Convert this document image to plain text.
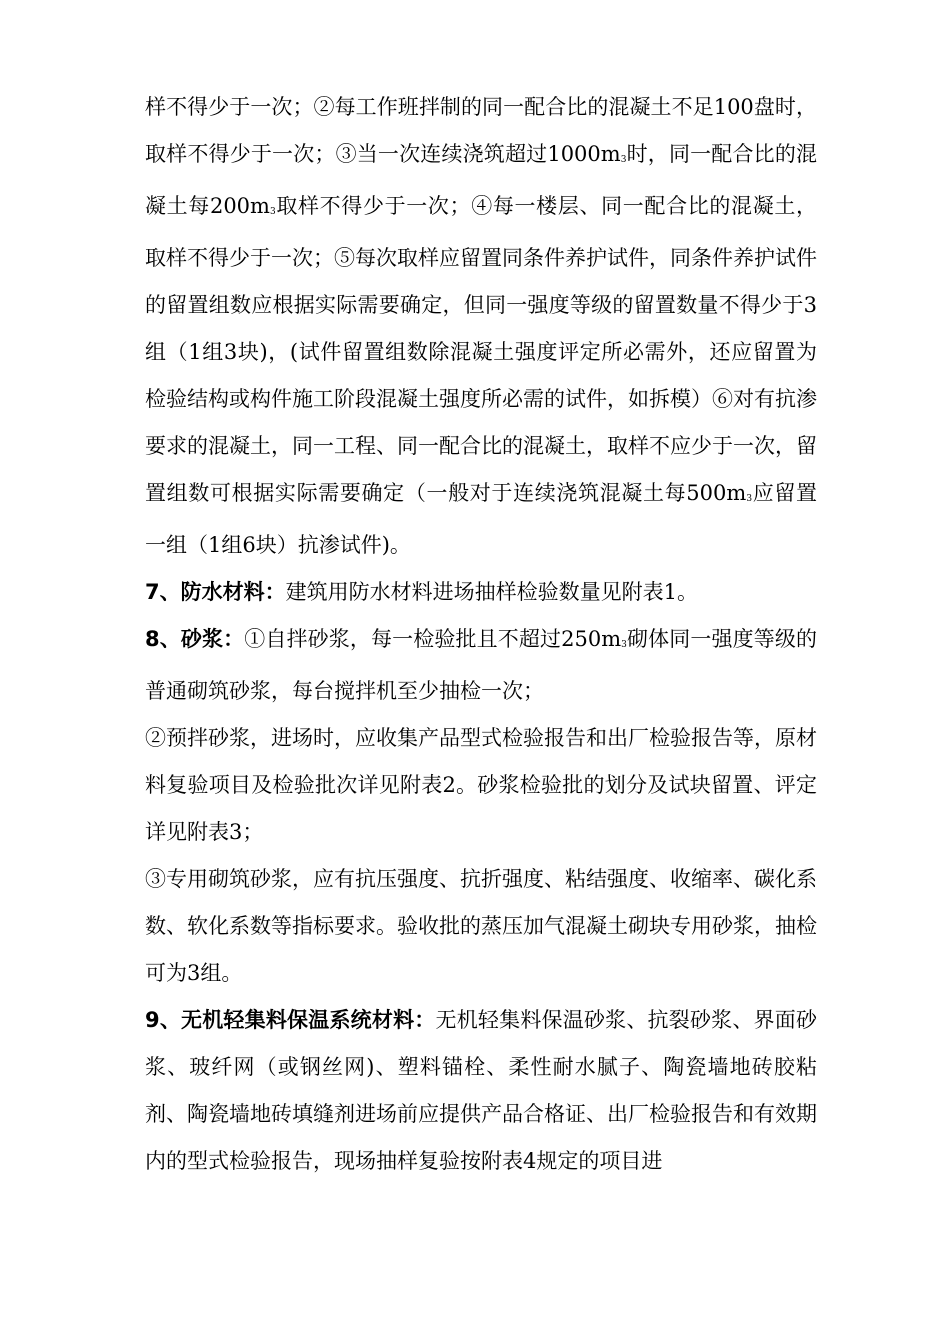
样不得少于一次；②每工作班拌制的同一配合比的混凝土不足100盘时，取样不得少于一次；③当一次连续浇筑超过$1000m_3$时，同一配合比的混凝土每$200m_3$取样不得少于一次；④每一楼层、同一配合比的混凝土，取样不得少于一次；⑤每次取样应留置同条件养护试件，同条件养护试件的留置组数应根据实际需要确定，但同一强度等级的留置数量不得少于3组（1组3块)，(试件留置组数除混凝土强度评定所必需外，还应留置为检验结构或构件施工阶段混凝土强度所必需的试件，如拆模）⑥对有抗渗要求的混凝土，同一工程、同一配合比的混凝土，取样不应少于一次，留置组数可根据实际需要确定（一般对于连续浇筑混凝土每$500m_3$应留置一组（1组6块）抗渗试件)。

7、防水材料：建筑用防水材料进场抽样检验数量见附表1。

8、砂浆：①自拌砂浆，每一检验批且不超过$250m_3$砌体同一强度等级的普通砌筑砂浆，每台搅拌机至少抽检一次；

②预拌砂浆，进场时，应收集产品型式检验报告和出厂检验报告等，原材料复验项目及检验批次详见附表2。砂浆检验批的划分及试块留置、评定详见附表3；

③专用砌筑砂浆，应有抗压强度、抗折强度、粘结强度、收缩率、碳化系数、软化系数等指标要求。验收批的蒸压加气混凝土砌块专用砂浆，抽检可为3组。

9、无机轻集料保温系统材料：无机轻集料保温砂浆、抗裂砂浆、界面砂浆、玻纤网（或钢丝网)、塑料锚栓、柔性耐水腻子、陶瓷墙地砖胶粘剂、陶瓷墙地砖填缝剂进场前应提供产品合格证、出厂检验报告和有效期内的型式检验报告，现场抽样复验按附表4规定的项目进
